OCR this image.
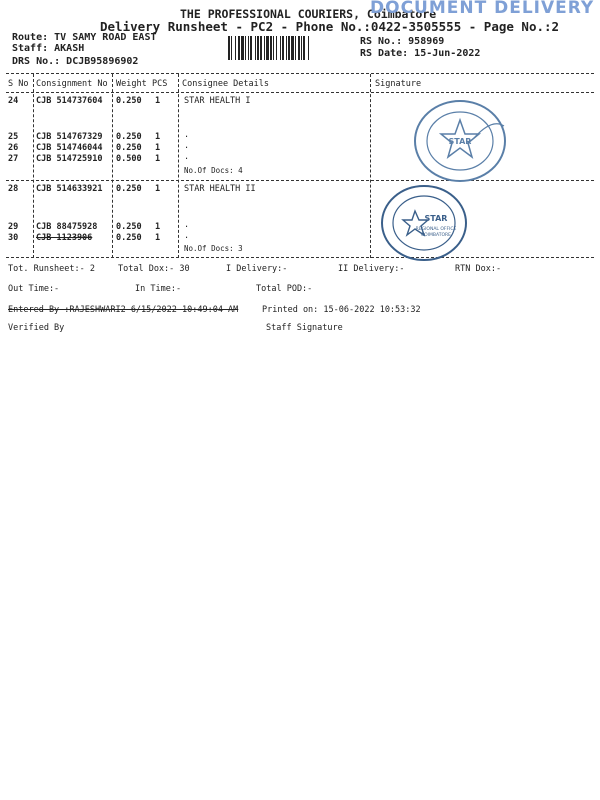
THE PROFESSIONAL COURIERS, Coimbatore
DOCUMENT DELIVERY
Delivery Runsheet - PC2 - Phone No.:0422-3505555 - Page No.:2
Route: TV SAMY ROAD EAST
Staff: AKASH
DRS No.: DCJB95896902
RS No.: 958969
RS Date: 15-Jun-2022
S No Consignment No Weight PCS Consignee Details	Signature
24 CJB 514737604 0.250 1	STAR HEALTH I
25 CJB 514767329 0.250 1	.
26 CJB 514746044 0.250 1	.
27 CJB 514725910 0.500 1	.
No.Of Docs: 4
28 CJB 514633921 0.250 1	STAR HEALTH II
29 CJB 88475928 0.250 1	.
30 CJB 1123906	0.250 1	.
No.Of Docs: 3
STAR
STAR
REGIONAL OFFICE
COIMBATORE
Tot. Runsheet:- 2	Total Dox:- 30	I Delivery:-	II Delivery:-	RTN Dox:-
Out Time:-	In Time:-	Total POD:-
Entered By :RAJESHWARI2 6/15/2022 10:49:04 AM	Printed on: 15-06-2022 10:53:32
Verified By	Staff Signature
